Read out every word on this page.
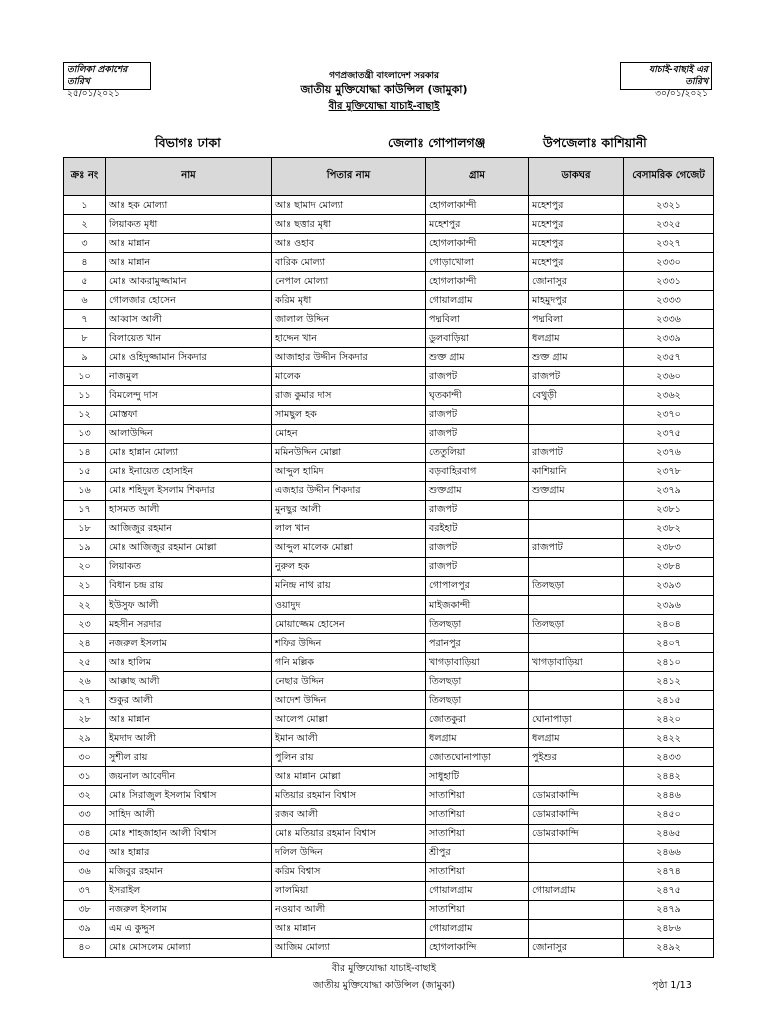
তালিকা প্রকাশের তারিখ
২৫/০১/২০২১
যাচাই-বাছাই এর তারিখ
৩০/০১/২০২১
গণপ্রজাতন্ত্রী বাংলাদেশ সরকার
জাতীয় মুক্তিযোদ্ধা কাউন্সিল (জামুকা)
বীর মুক্তিযোদ্ধা যাচাই-বাছাই
বিভাগঃ ঢাকা	জেলাঃ গোপালগঞ্জ	উপজেলাঃ কাশিয়ানী
ক্রঃ নং	নাম	পিতার নাম	গ্রাম	ডাকঘর	বেসামরিক গেজেট
১	আঃ হক মোল্যা	আঃ ছামাদ মোল্যা	হোগলাকান্দী	মহেশপুর	২৩২১
২	লিয়াকত মৃধা	আঃ ছত্তার মৃধা	মহেশপুর	মহেশপুর	২৩২৫
৩	আঃ মান্নান	আঃ ওহাব	হোগলাকান্দী	মহেশপুর	২৩২৭
৪	আঃ মান্নান	বারিক মোল্যা	গোড়াখোলা	মহেশপুর	২৩৩০
৫	মোঃ আকরামুজ্জামান	নেপাল মোল্যা	হোগলাকান্দী	জোনাসুর	২৩৩১
৬	গোলজার হোসেন	করিম মৃধা	গোয়ালগ্রাম	মাহমুদপুর	২৩৩৩
৭	আব্বাস আলী	জালাল উদ্দিন	পদ্মবিলা	পদ্মবিলা	২৩৩৬
৮	বিলায়েত খান	হাদ্দেন খান	ডুলবাড়িয়া	ধলগ্রাম	২৩৩৯
৯	মোঃ ওহিদুজ্জামান সিকদার	আজাহার উদ্দীন সিকদার	শুক্ত গ্রাম	শুক্ত গ্রাম	২৩৫৭
১০	নাজমুল	মালেক	রাজপট	রাজপট	২৩৬০
১১	বিমলেন্দু দাস	রাজ কুমার দাস	ঘৃতকান্দী	বেথুড়ী	২৩৬২
১২	মোস্তফা	সামছুল হক	রাজপট		২৩৭০
১৩	আলাউদ্দিন	মোহন	রাজপট		২৩৭৫
১৪	মোঃ হান্নান মোল্যা	মমিনউদ্দিন মোল্লা	তেতুলিয়া	রাজপাট	২৩৭৬
১৫	মোঃ ইনায়েত হোসাইন	আব্দুল হামিদ	বড়বাহিরবাগ	কাশিয়ানি	২৩৭৮
১৬	মোঃ শহিদুল ইসলাম শিকদার	এজহার উদ্দীন শিকদার	শুক্তগ্রাম	শুক্তগ্রাম	২৩৭৯
১৭	হাসমত আলী	মুনছুর আলী	রাজপট		২৩৮১
১৮	আজিজুর রহমান	লাল খান	বরইহাট		২৩৮২
১৯	মোঃ আজিজুর রহমান মোল্লা	আব্দুল মালেক মোল্লা	রাজপট	রাজপাট	২৩৮৩
২০	লিয়াকত	নুরুল হক	রাজপট		২৩৮৪
২১	বিধান চন্দ্র রায়	মনিন্দ্র নাথ রায়	গোপালপুর	তিলছড়া	২৩৯৩
২২	ইউসুফ আলী	ওয়াদুদ	মাইজকান্দী		২৩৯৬
২৩	মহসীন সরদার	মোয়াজ্জেম হোসেন	তিলছড়া	তিলছড়া	২৪০৪
২৪	নজরুল ইসলাম	শফির উদ্দিন	পরানপুর		২৪০৭
২৫	আঃ হালিম	গনি মল্লিক	খাগড়াবাড়িয়া	খাগড়াবাড়িয়া	২৪১০
২৬	আক্কাছ আলী	নেছার উদ্দিন	তিলছড়া		২৪১২
২৭	শুকুর আলী	আদেশ উদ্দিন	তিলছড়া		২৪১৫
২৮	আঃ মান্নান	আলেপ মোল্লা	জোতকুরা	ঘোনাপাড়া	২৪২০
২৯	ইমদাদ আলী	ইমান আলী	ধলগ্রাম	ধলগ্রাম	২৪২২
৩০	সুশীল রায়	পুলিন রায়	জোতঘোনাপাড়া	পুইশুর	২৪৩৩
৩১	জয়নাল আবেদীন	আঃ মান্নান মোল্লা	সাধুহাটি		২৪৪২
৩২	মোঃ সিরাজুল ইসলাম বিশ্বাস	মতিয়ার রহমান বিশ্বাস	সাতাশিয়া	ডোমরাকান্দি	২৪৪৬
৩৩	সাহিদ আলী	রজব আলী	সাতাশিয়া	ডোমরাকান্দি	২৪৫০
৩৪	মোঃ শাহজাহান আলী বিশ্বাস	মোঃ মতিয়ার রহমান বিশ্বাস	সাতাশিয়া	ডোমরাকান্দি	২৪৬৫
৩৫	আঃ হান্নার	দলিল উদ্দিন	শ্রীপুর		২৪৬৬
৩৬	মজিবুর রহমান	করিম বিশ্বাস	সাতাশিয়া		২৪৭৪
৩৭	ইসরাইল	লালমিয়া	গোয়ালগ্রাম	গোয়ালগ্রাম	২৪৭৫
৩৮	নজরুল ইসলাম	নওয়াব আলী	সাতাশিয়া		২৪৭৯
৩৯	এম এ কুদ্দুস	আঃ মান্নান	গোয়ালগ্রাম		২৪৮৬
৪০	মোঃ মোসলেম মোল্যা	আজিম মোল্যা	হোগলাকান্দি	জোনাসুর	২৪৯২
বীর মুক্তিযোদ্ধা যাচাই-বাছাই
জাতীয় মুক্তিযোদ্ধা কাউন্সিল (জামুকা)	পৃষ্ঠা 1/13
